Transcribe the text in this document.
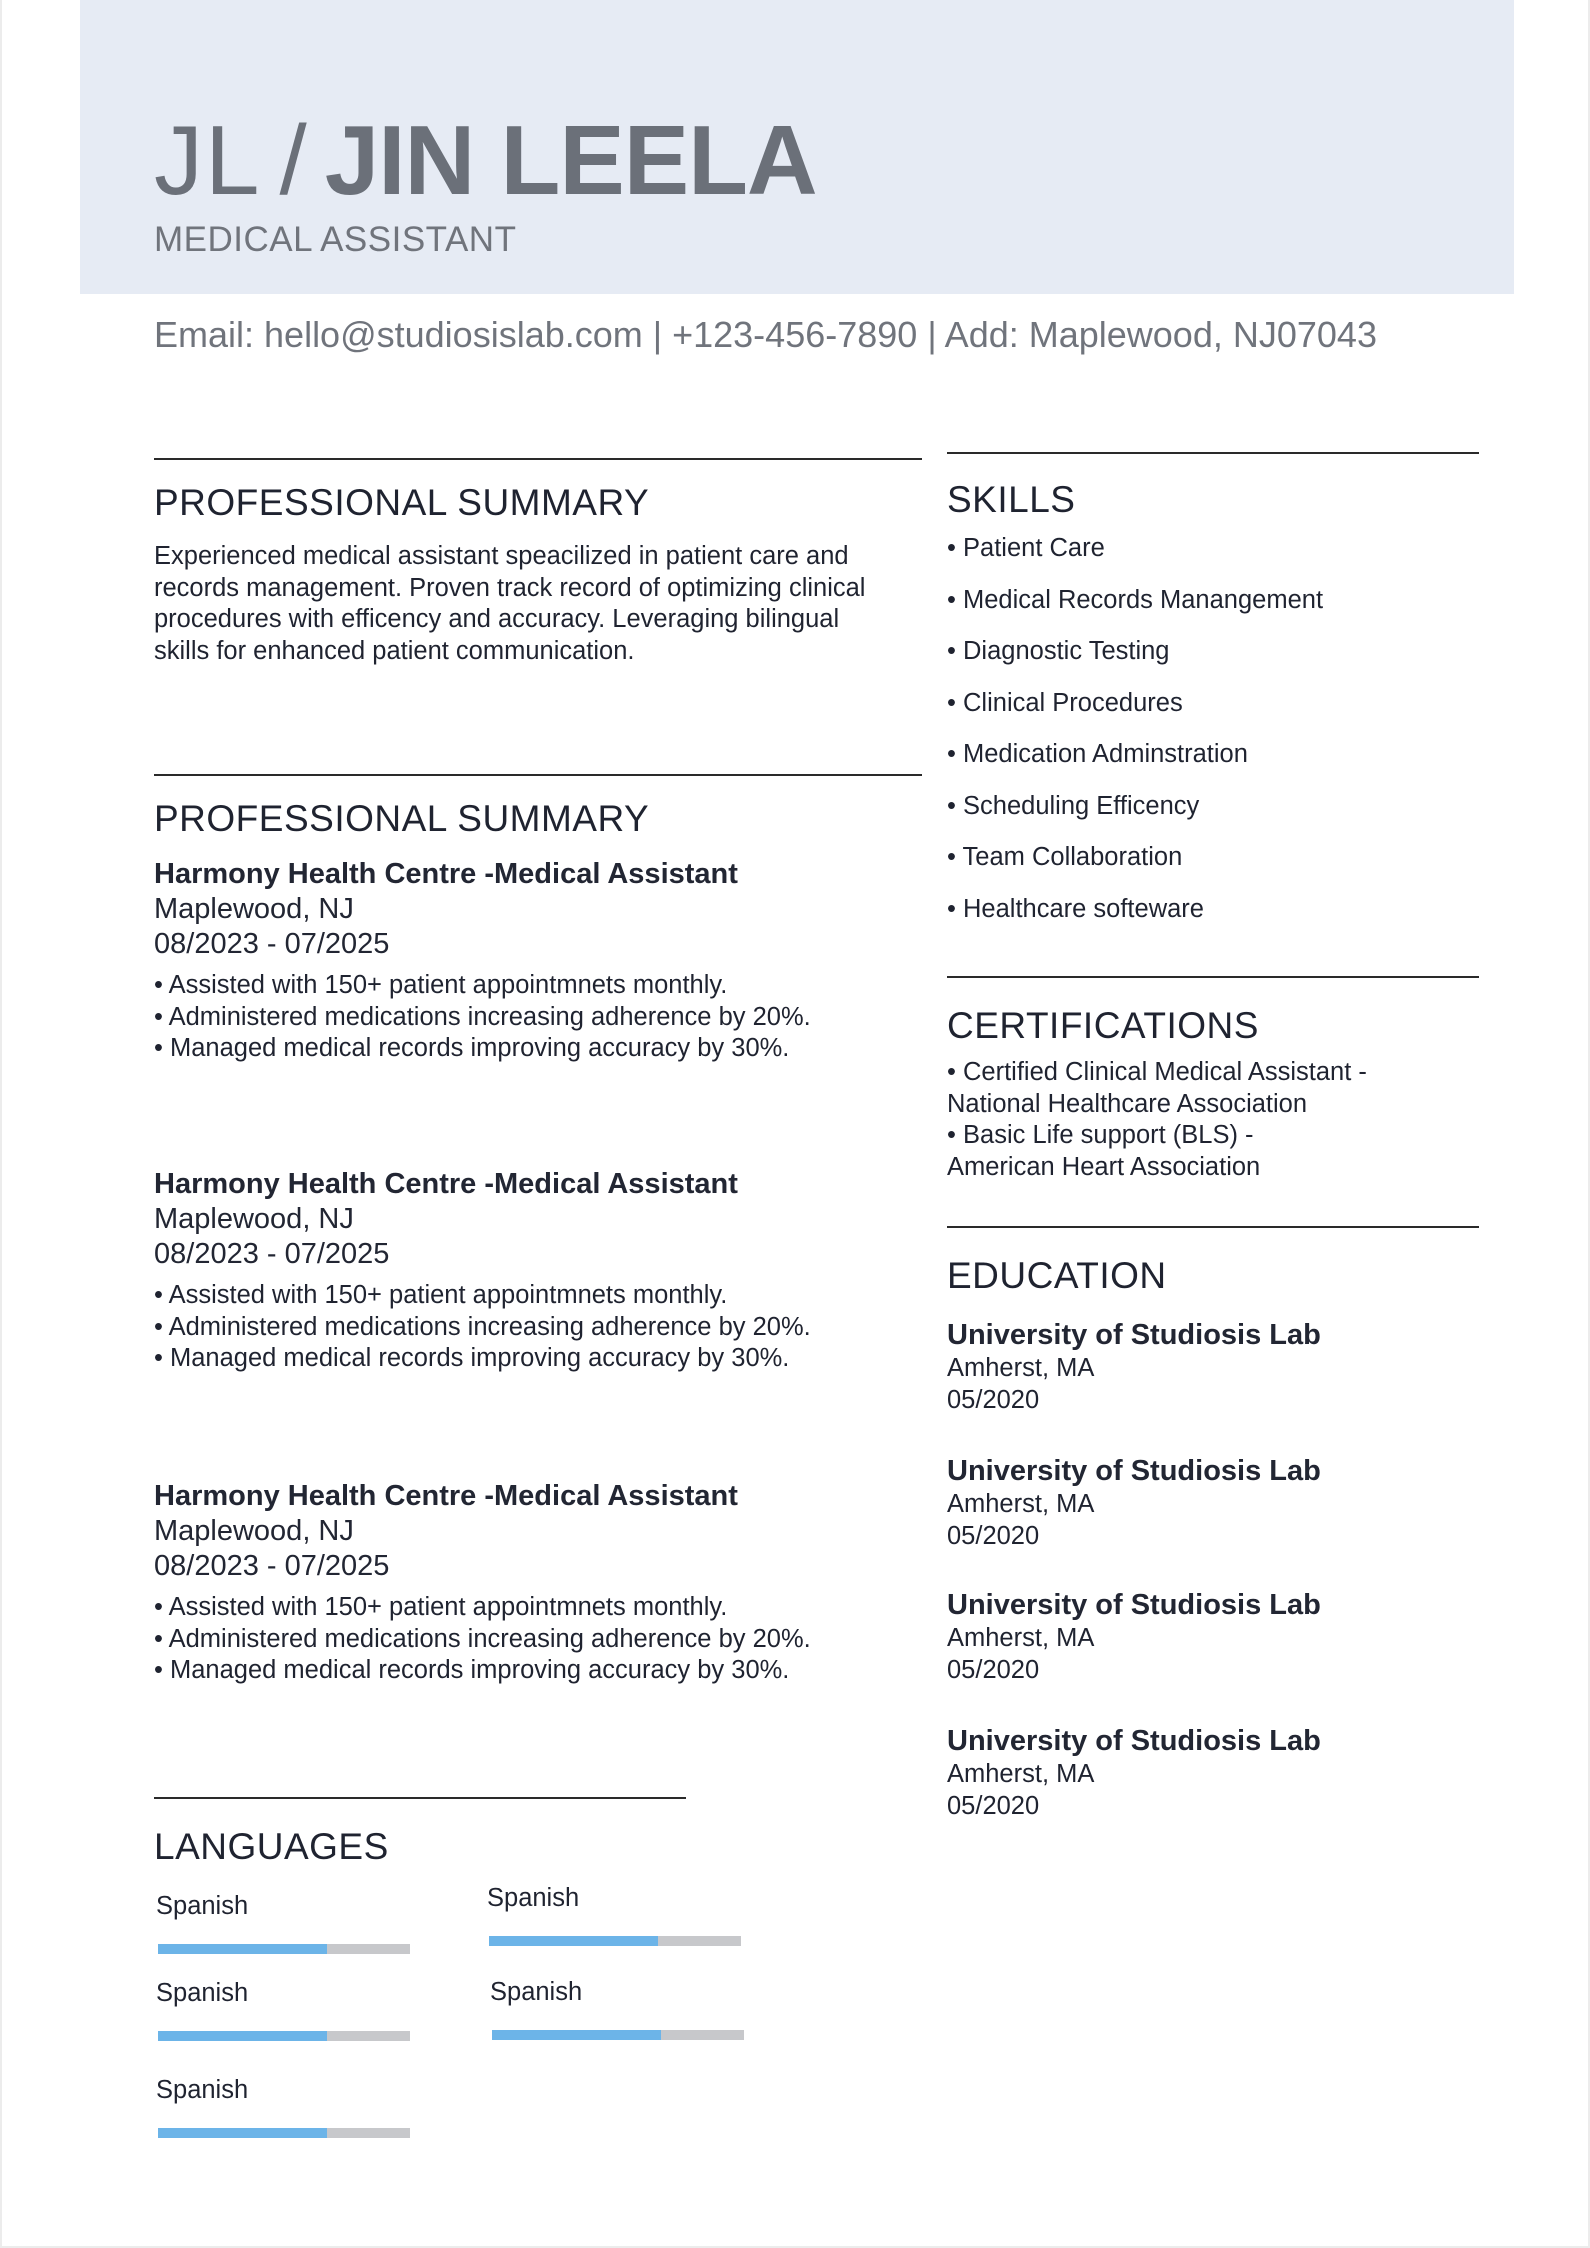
JL / JIN LEELA
MEDICAL ASSISTANT
Email: hello@studiosislab.com | +123-456-7890 | Add: Maplewood, NJ07043
PROFESSIONAL SUMMARY
Experienced medical assistant speacilized in patient care and records management. Proven track record of optimizing clinical procedures with efficency and accuracy. Leveraging bilingual skills for enhanced patient communication.
PROFESSIONAL SUMMARY
Harmony Health Centre -Medical Assistant
Maplewood, NJ
08/2023 - 07/2025
• Assisted with 150+ patient appointmnets monthly.
• Administered medications increasing adherence by 20%.
• Managed medical records improving accuracy by 30%.
Harmony Health Centre -Medical Assistant
Maplewood, NJ
08/2023 - 07/2025
• Assisted with 150+ patient appointmnets monthly.
• Administered medications increasing adherence by 20%.
• Managed medical records improving accuracy by 30%.
Harmony Health Centre -Medical Assistant
Maplewood, NJ
08/2023 - 07/2025
• Assisted with 150+ patient appointmnets monthly.
• Administered medications increasing adherence by 20%.
• Managed medical records improving accuracy by 30%.
LANGUAGES
Spanish	Spanish
Spanish	Spanish
Spanish
SKILLS
• Patient Care
• Medical Records Manangement
• Diagnostic Testing
• Clinical Procedures
• Medication Adminstration
• Scheduling Efficency
• Team Collaboration
• Healthcare softeware
CERTIFICATIONS
• Certified Clinical Medical Assistant - National Healthcare Association
• Basic Life support (BLS) - American Heart Association
EDUCATION
University of Studiosis Lab
Amherst, MA
05/2020
University of Studiosis Lab
Amherst, MA
05/2020
University of Studiosis Lab
Amherst, MA
05/2020
University of Studiosis Lab
Amherst, MA
05/2020
